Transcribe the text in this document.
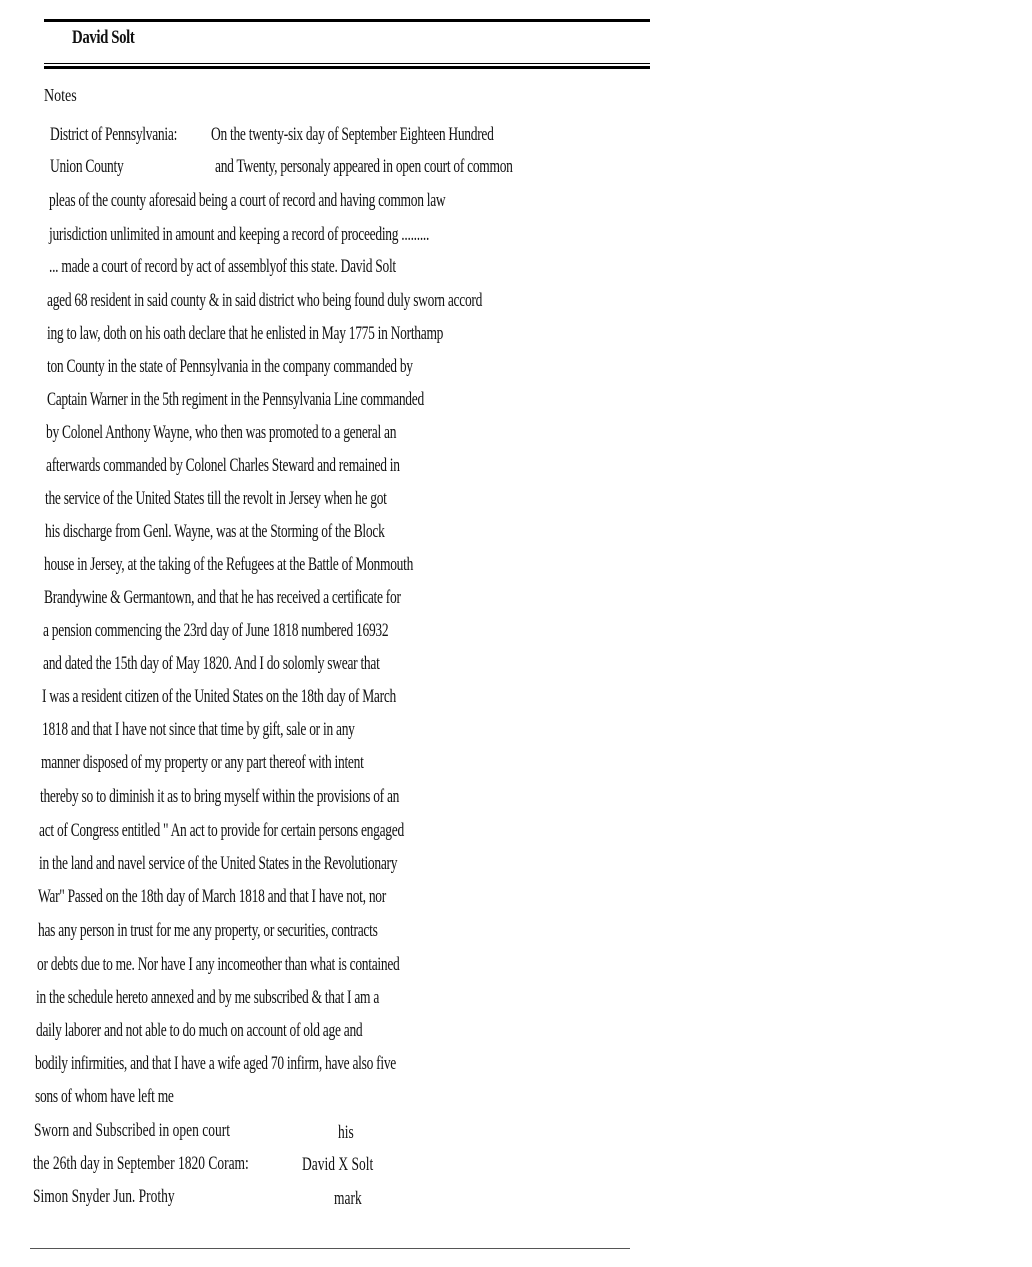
David Solt
Notes
District of Pennsylvania: On the twenty-six day of September Eighteen Hundred
Union County	and Twenty, personaly appeared in open court of common
pleas of the county aforesaid being a court of record and having common law
jurisdiction unlimited in amount and keeping a record of proceeding .........
... made a court of record by act of assemblyof this state. David Solt
aged 68 resident in said county & in said district who being found duly sworn accord
ing to law, doth on his oath declare that he enlisted in May 1775 in Northamp
ton County in the state of Pennsylvania in the company commanded by
Captain Warner in the 5th regiment in the Pennsylvania Line commanded
by Colonel Anthony Wayne, who then was promoted to a general an
afterwards commanded by Colonel Charles Steward and remained in
the service of the United States till the revolt in Jersey when he got
his discharge from Genl. Wayne, was at the Storming of the Block
house in Jersey, at the taking of the Refugees at the Battle of Monmouth
Brandywine & Germantown, and that he has received a certificate for
a pension commencing the 23rd day of June 1818 numbered 16932
and dated the 15th day of May 1820. And I do solomly swear that
I was a resident citizen of the United States on the 18th day of March
1818 and that I have not since that time by gift, sale or in any
manner disposed of my property or any part thereof with intent
thereby so to diminish it as to bring myself within the provisions of an
act of Congress entitled " An act to provide for certain persons engaged
in the land and navel service of the United States in the Revolutionary
War" Passed on the 18th day of March 1818 and that I have not, nor
has any person in trust for me any property, or securities, contracts
or debts due to me. Nor have I any incomeother than what is contained
in the schedule hereto annexed and by me subscribed & that I am a
daily laborer and not able to do much on account of old age and
bodily infirmities, and that I have a wife aged 70 infirm, have also five
sons of whom have left me
Sworn and Subscribed in open court
the 26th day in September 1820 Coram:
Simon Snyder Jun. Prothy
his
David X Solt
mark
